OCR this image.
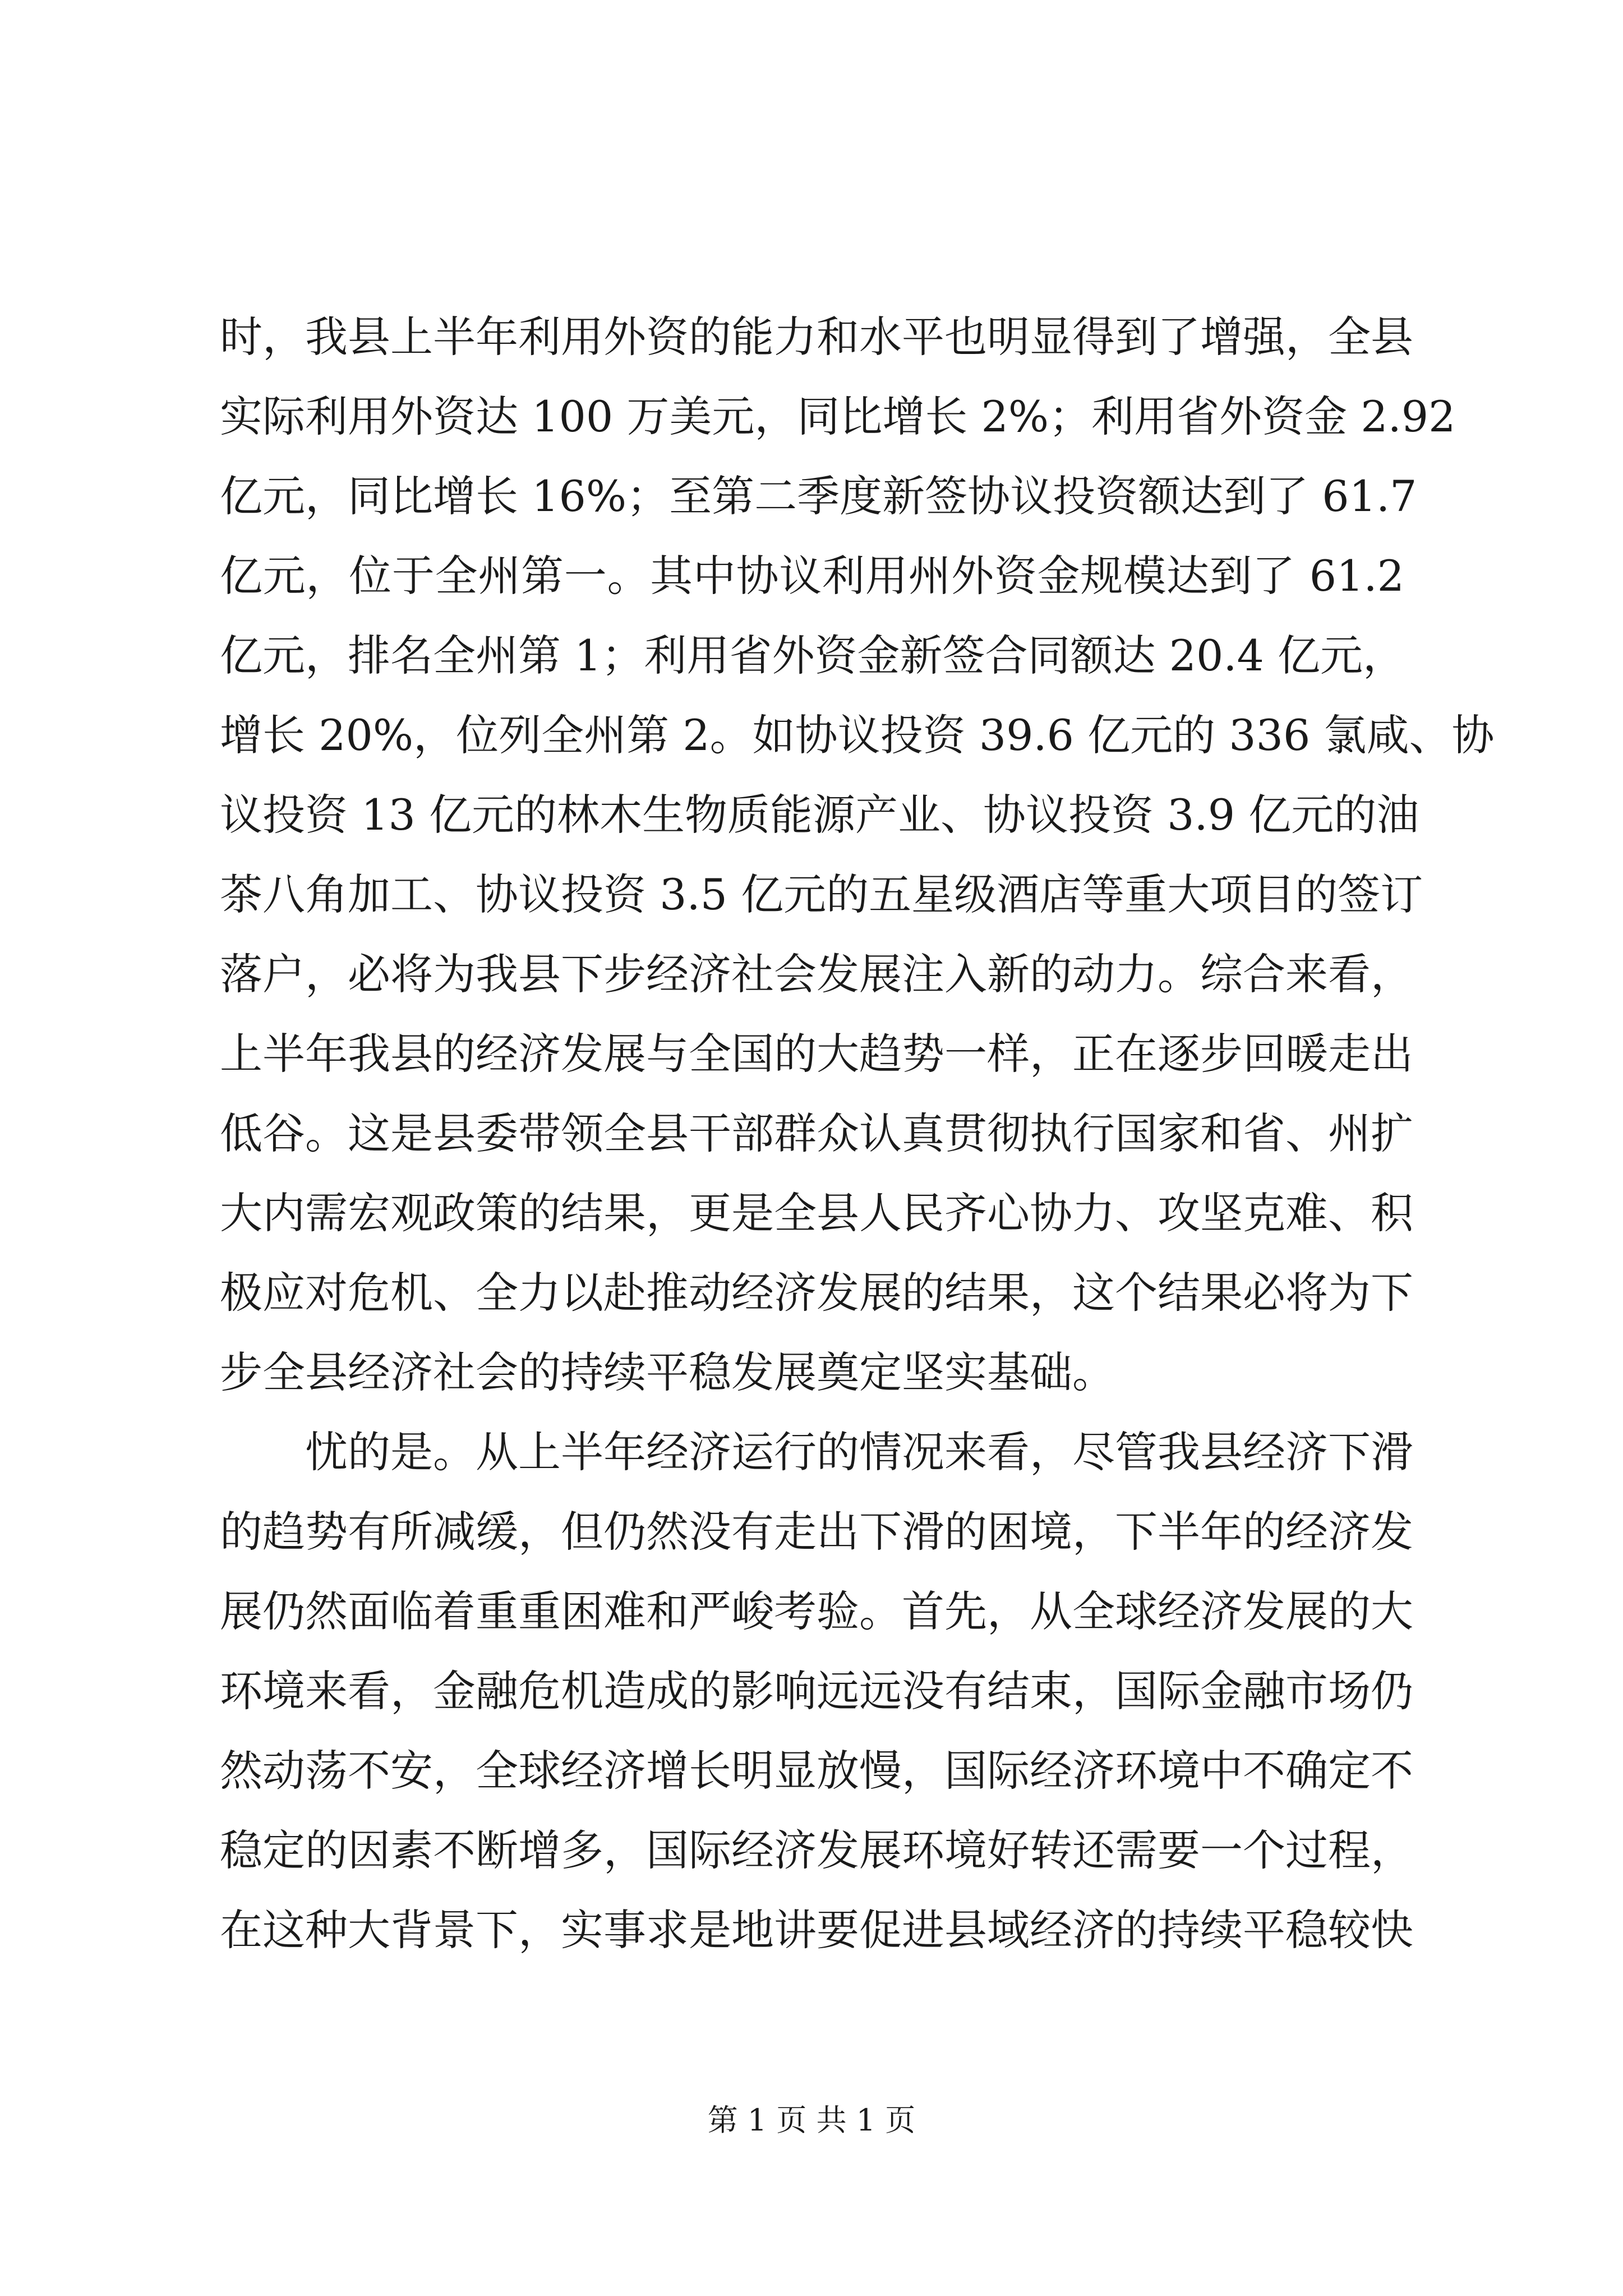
时，我县上半年利用外资的能力和水平也明显得到了增强，全县
实际利用外资达 100 万美元，同比增长 2%；利用省外资金 2.92
亿元，同比增长 16%；至第二季度新签协议投资额达到了 61.7
亿元，位于全州第一。其中协议利用州外资金规模达到了 61.2
亿元，排名全州第 1；利用省外资金新签合同额达 20.4 亿元，
增长 20%，位列全州第 2。如协议投资 39.6 亿元的 336 氯咸、协
议投资 13 亿元的林木生物质能源产业、协议投资 3.9 亿元的油
茶八角加工、协议投资 3.5 亿元的五星级酒店等重大项目的签订
落户，必将为我县下步经济社会发展注入新的动力。综合来看，
上半年我县的经济发展与全国的大趋势一样，正在逐步回暖走出
低谷。这是县委带领全县干部群众认真贯彻执行国家和省、州扩
大内需宏观政策的结果，更是全县人民齐心协力、攻坚克难、积
极应对危机、全力以赴推动经济发展的结果，这个结果必将为下
步全县经济社会的持续平稳发展奠定坚实基础。
忧的是。从上半年经济运行的情况来看，尽管我县经济下滑
的趋势有所减缓，但仍然没有走出下滑的困境，下半年的经济发
展仍然面临着重重困难和严峻考验。首先，从全球经济发展的大
环境来看，金融危机造成的影响远远没有结束，国际金融市场仍
然动荡不安，全球经济增长明显放慢，国际经济环境中不确定不
稳定的因素不断增多，国际经济发展环境好转还需要一个过程，
在这种大背景下，实事求是地讲要促进县域经济的持续平稳较快
第 1 页 共 1 页
